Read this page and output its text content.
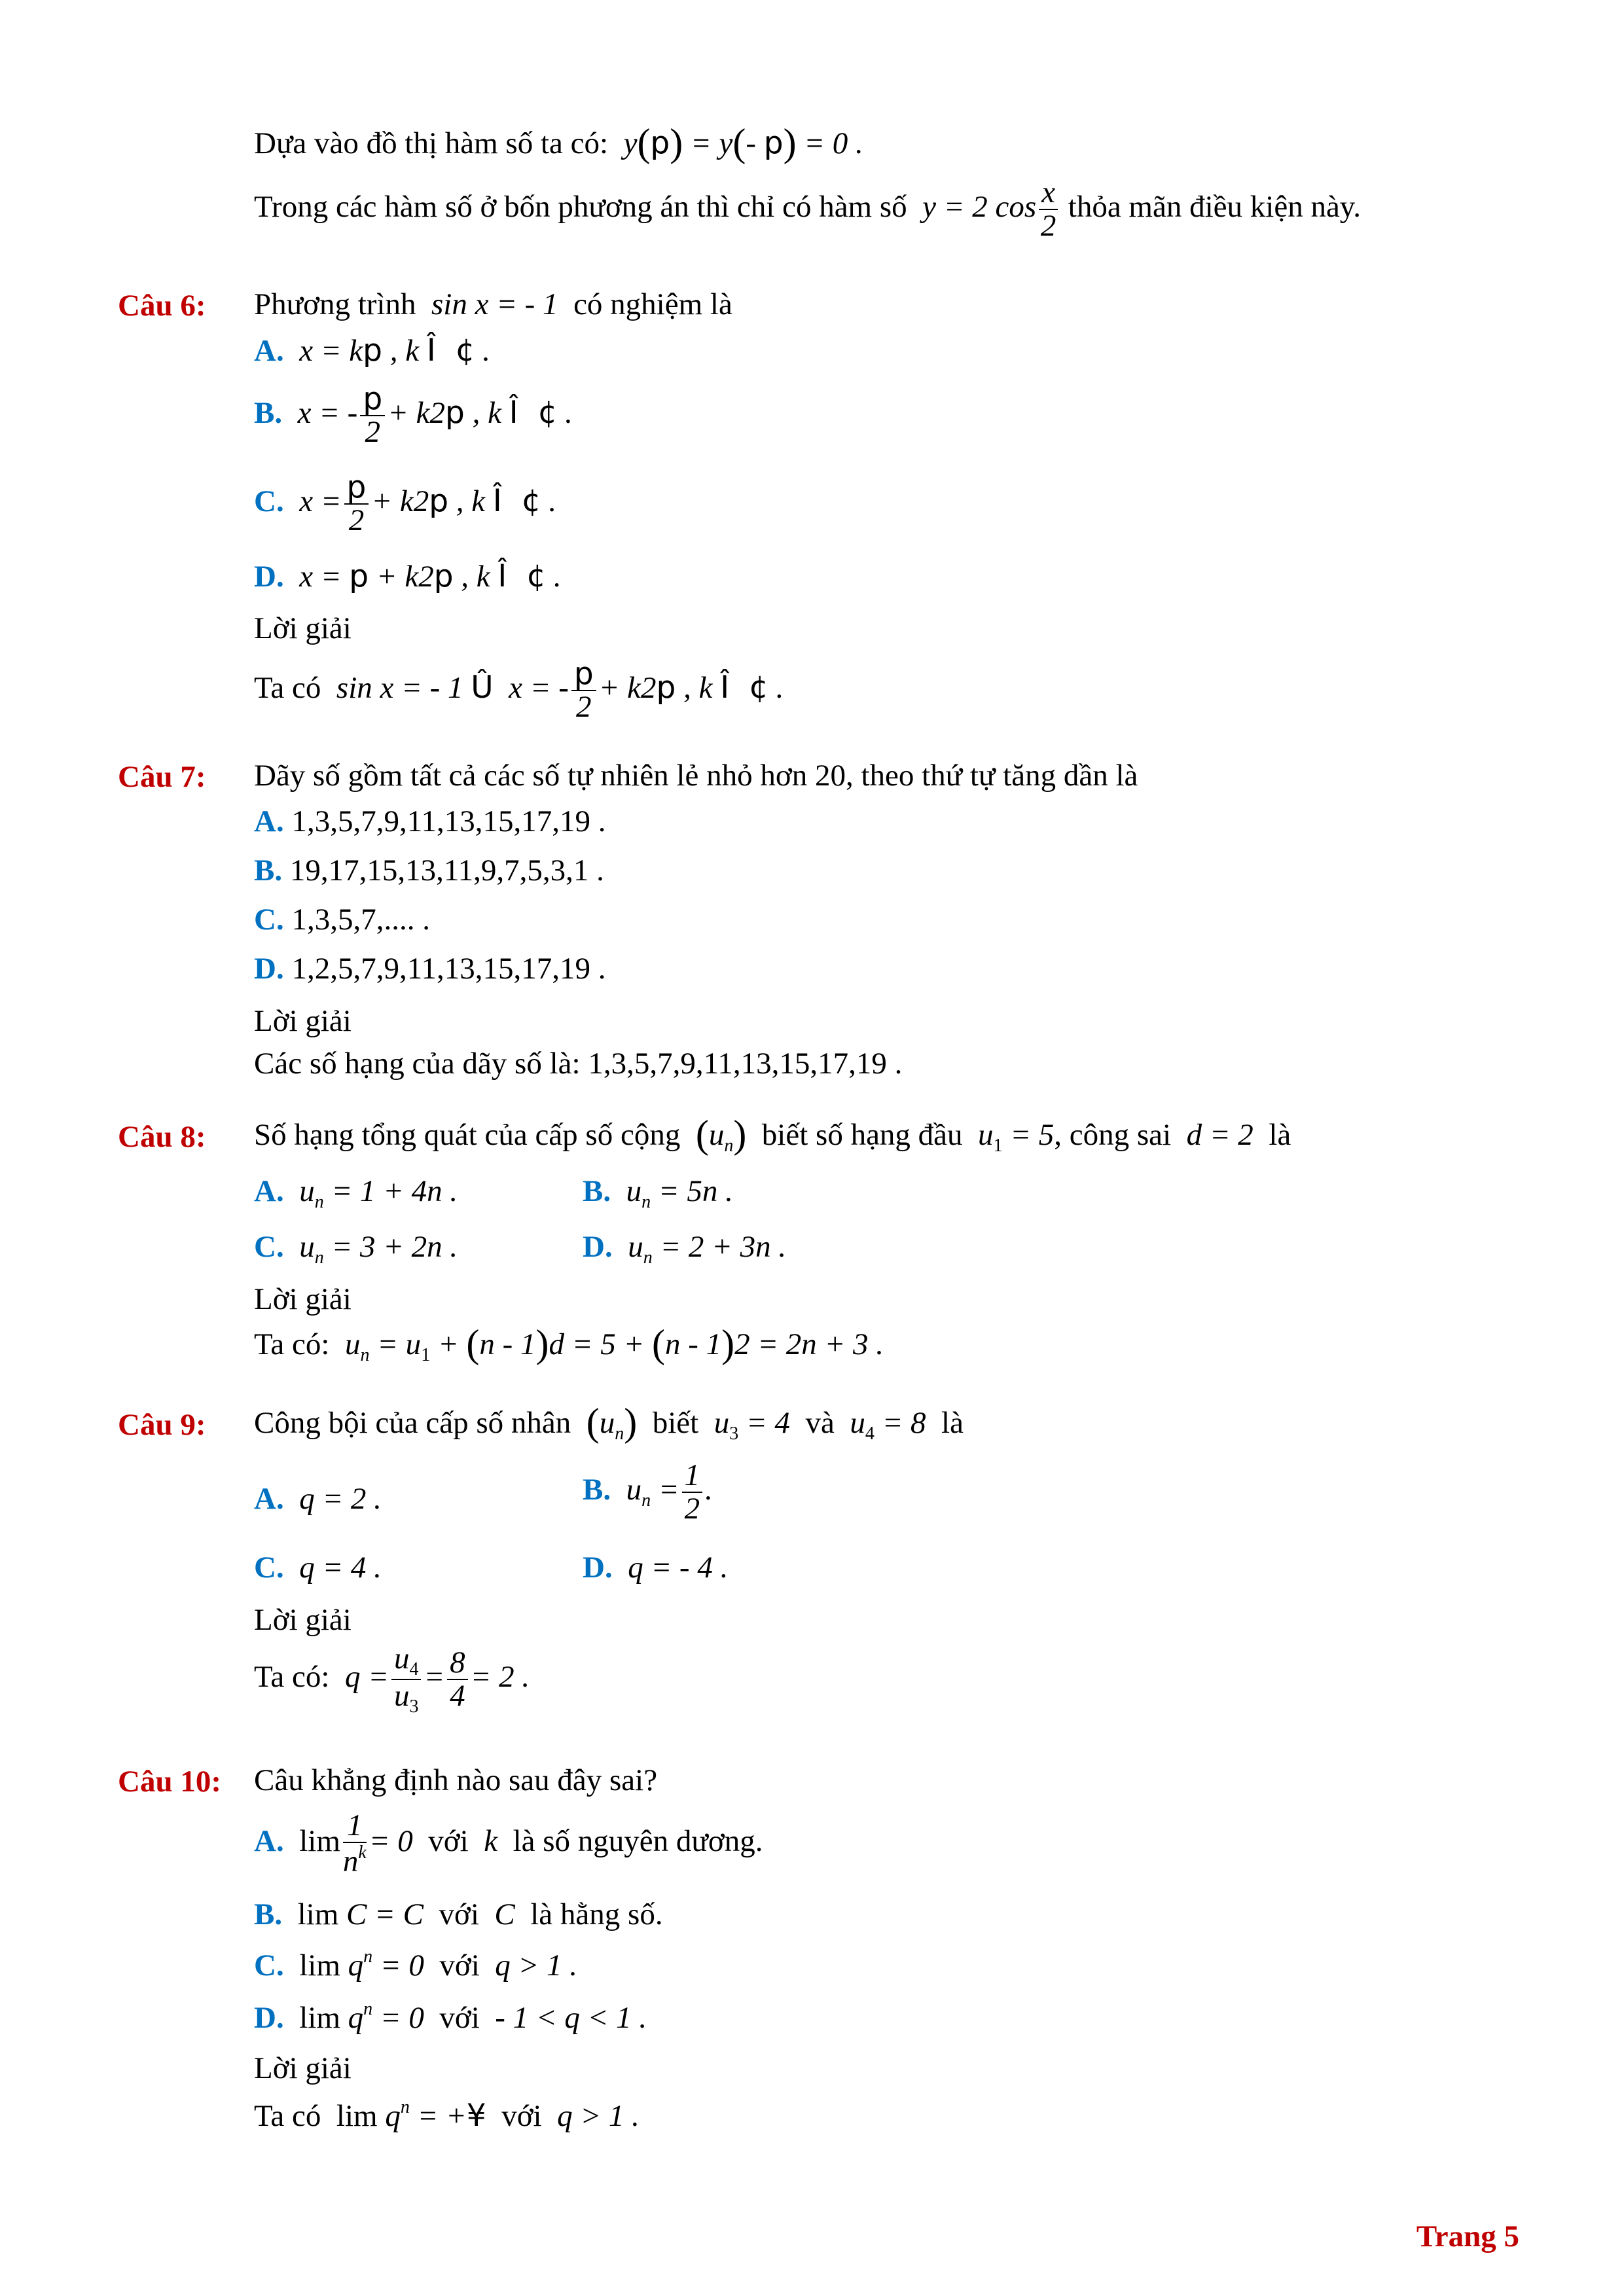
Dựa vào đồ thị hàm số ta có:  y(p) = y(- p) = 0 .
Trong các hàm số ở bốn phương án thì chỉ có hàm số  y = 2 $\cos \frac{x}{2}$ thỏa mãn điều kiện này.
Câu 6: Phương trình  sin x = - 1  có nghiệm là
A.  x = kp , k Î  ¢ .
B.  x = - $\frac{p}{2} + k2p$ , k Î  ¢ .
C.  $x = \frac{p}{2} + k2p$ , k Î  ¢ .
D.  x = p + k2p , k Î  ¢ .
Lời giải
Ta có  sin x = - 1 Û  x = - $\frac{p}{2} + k2p$ , k Î  ¢ .
Câu 7: Dãy số gồm tất cả các số tự nhiên lẻ nhỏ hơn 20, theo thứ tự tăng dần là
A. 1,3,5,7,9,11,13,15,17,19 .
B. 19,17,15,13,11,9,7,5,3,1 .
C. 1,3,5,7,.... .
D. 1,2,5,7,9,11,13,15,17,19 .
Lời giải
Các số hạng của dãy số là: 1,3,5,7,9,11,13,15,17,19 .
Câu 8: Số hạng tổng quát của cấp số cộng $(u_n)$ biết số hạng đầu  $u_1 = 5$, công sai  d = 2  là
A.  $u_n = 1 + 4n$ .	B.  $u_n = 5n$ .
C.  $u_n = 3 + 2n$ .	D.  $u_n = 2 + 3n$ .
Lời giải
Ta có:  $u_n = u_1 + (n - 1)d = 5 + (n - 1)2 = 2n + 3$ .
Câu 9: Công bội của cấp số nhân $(u_n)$ biết  $u_3 = 4$  và  $u_4 = 8$  là
A.  q = 2 .	B.  $u_n = \frac{1}{2}$ .
C.  q = 4 .	D.  q = - 4 .
Lời giải
Ta có:  $q = \frac{u_4}{u_3} = \frac{8}{4} = 2$ .
Câu 10: Câu khẳng định nào sau đây sai?
A. $\lim \frac{1}{n^k} = 0$  với  k  là số nguyên dương.
B. lim C = C  với  C  là hằng số.
C. $\lim q^n = 0$  với  q > 1 .
D. $\lim q^n = 0$  với  - 1 < q < 1 .
Lời giải
Ta có $\lim q^n$ = +¥ với  q > 1 .
Trang 5
